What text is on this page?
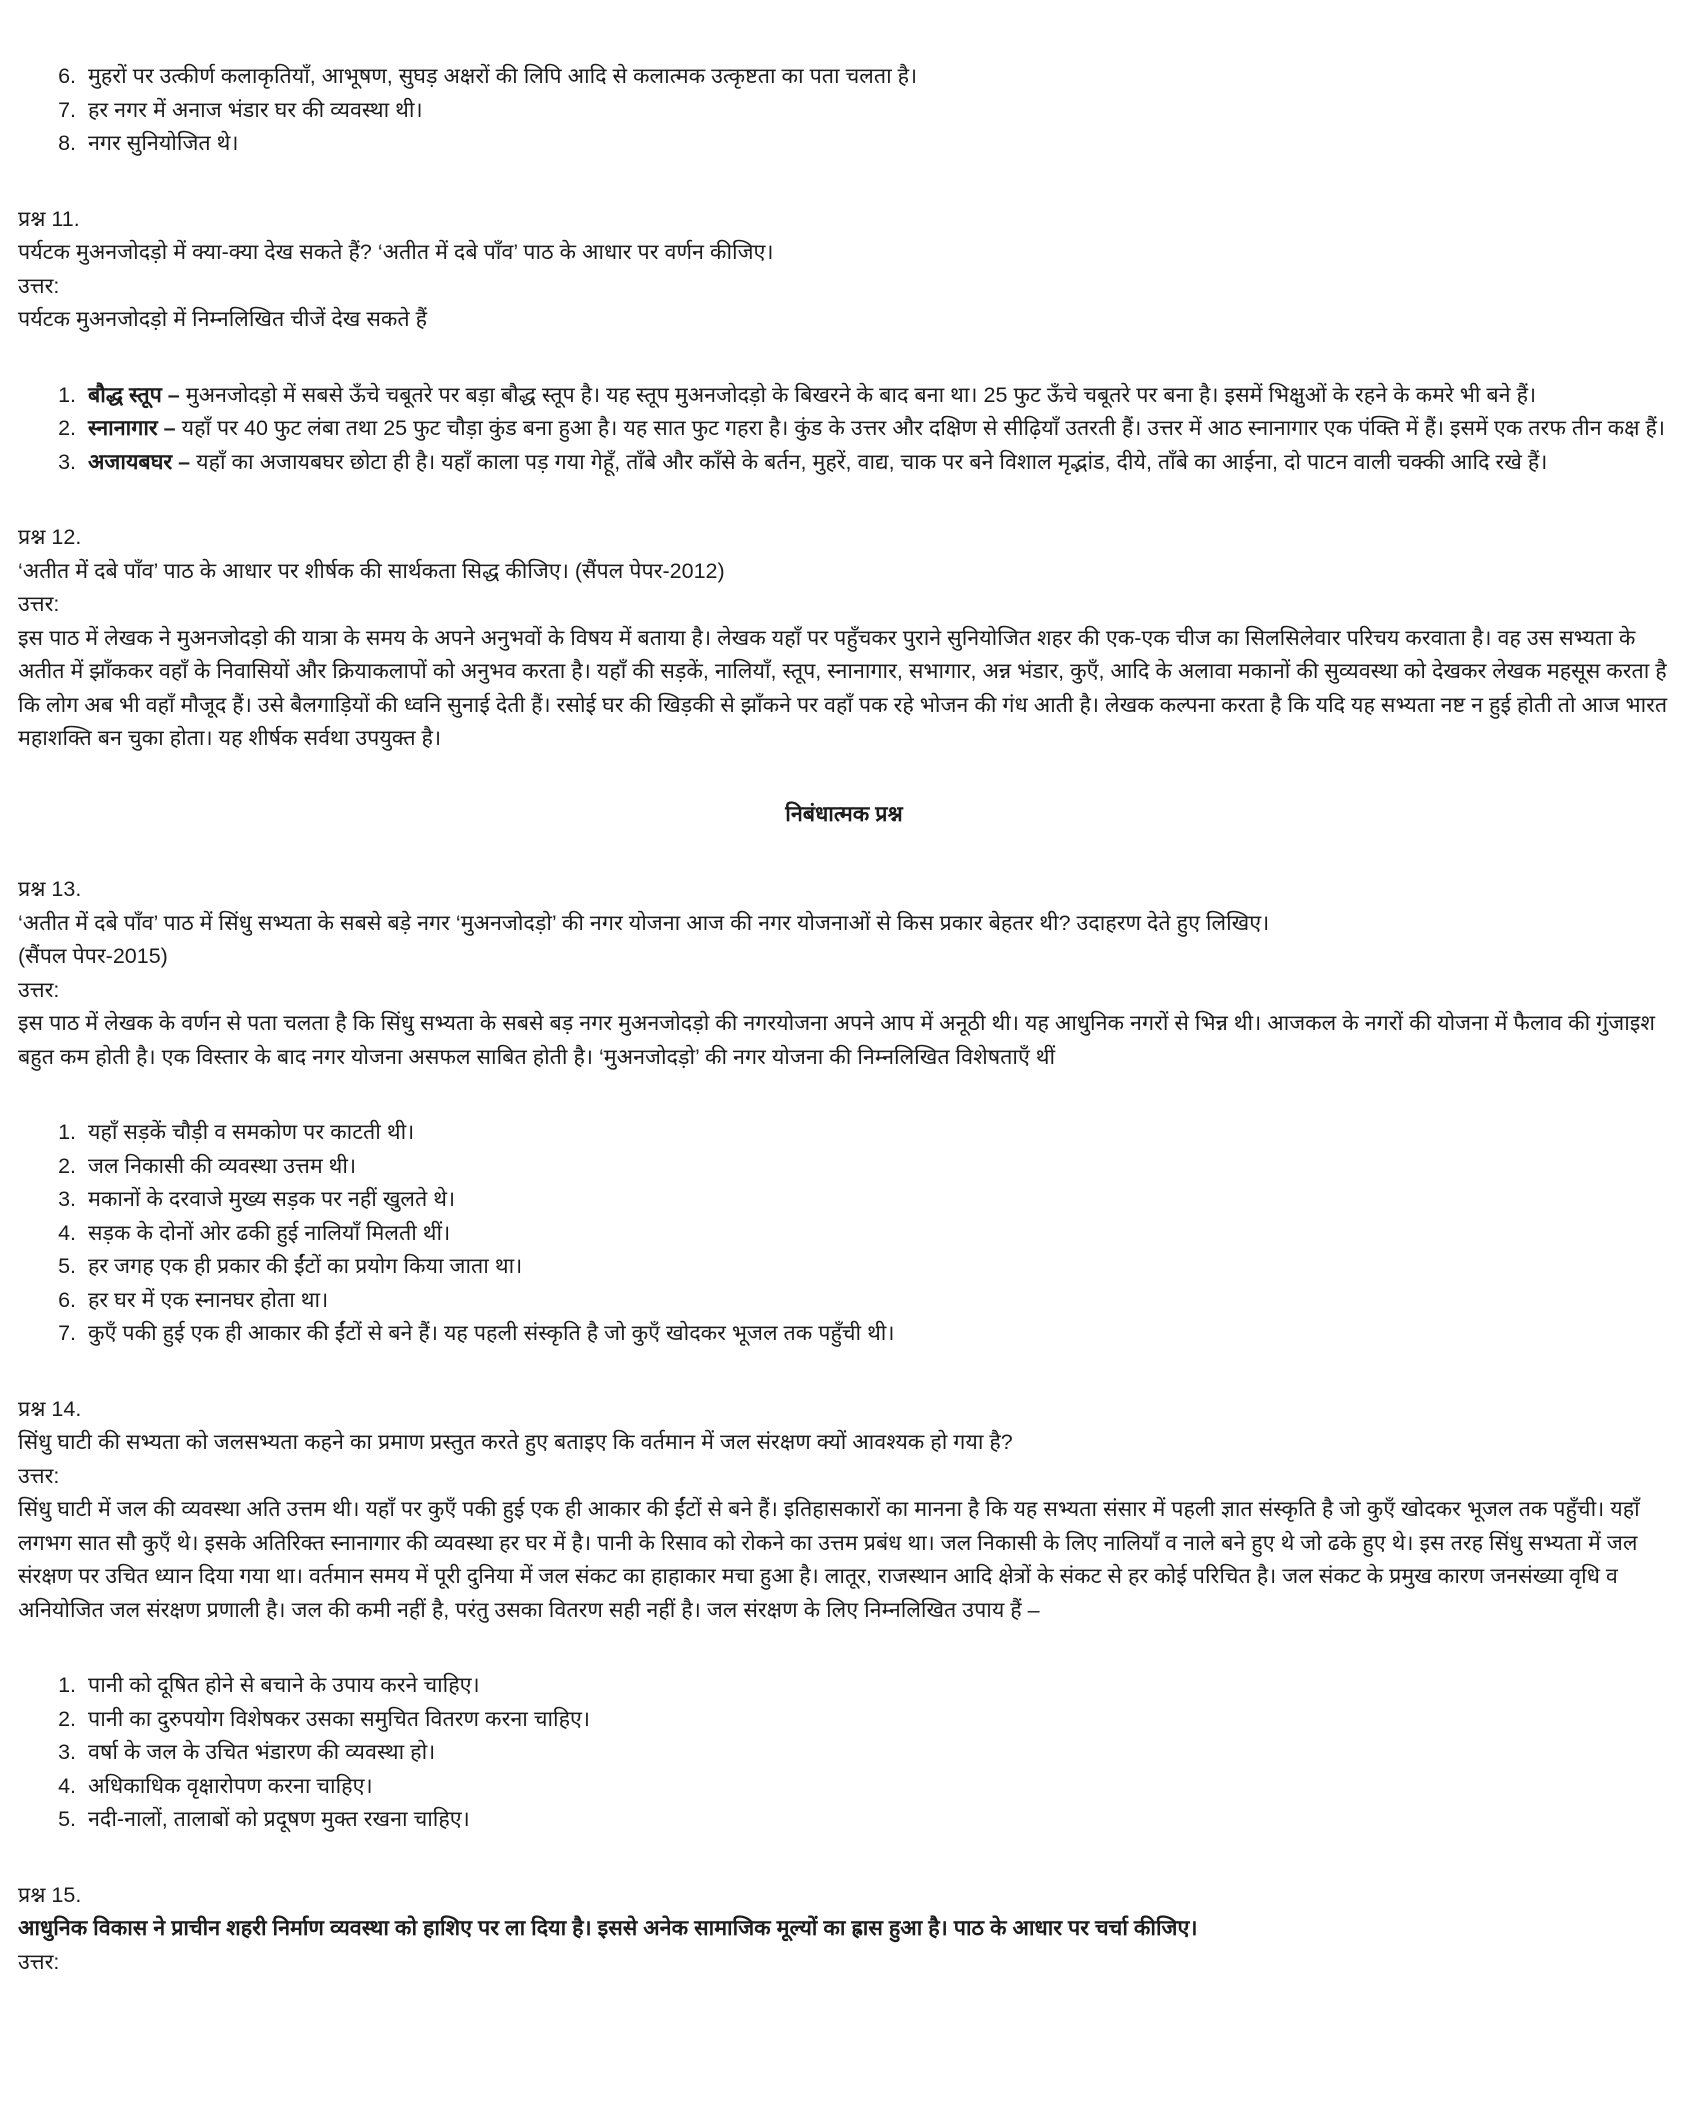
6. मुहरों पर उत्कीर्ण कलाकृतियाँ, आभूषण, सुघड़ अक्षरों की लिपि आदि से कलात्मक उत्कृष्टता का पता चलता है।
7. हर नगर में अनाज भंडार घर की व्यवस्था थी।
8. नगर सुनियोजित थे।

प्रश्न 11.

पर्यटक मुअनजोदड़ो में क्या-क्या देख सकते हैं? ‘अतीत में दबे पाँव’ पाठ के आधार पर वर्णन कीजिए।

उत्तर:

पर्यटक मुअनजोदड़ो में निम्नलिखित चीजें देख सकते हैं

1. बौद्ध स्तूप – मुअनजोदड़ो में सबसे ऊँचे चबूतरे पर बड़ा बौद्ध स्तूप है। यह स्तूप मुअनजोदड़ो के बिखरने के बाद बना था। 25 फुट ऊँचे चबूतरे पर बना है। इसमें भिक्षुओं के रहने के कमरे भी बने हैं।
2. स्नानागार – यहाँ पर 40 फुट लंबा तथा 25 फुट चौड़ा कुंड बना हुआ है। यह सात फुट गहरा है। कुंड के उत्तर और दक्षिण से सीढ़ियाँ उतरती हैं। उत्तर में आठ स्नानागार एक पंक्ति में हैं। इसमें एक तरफ तीन कक्ष हैं।
3. अजायबघर – यहाँ का अजायबघर छोटा ही है। यहाँ काला पड़ गया गेहूँ, ताँबे और काँसे के बर्तन, मुहरें, वाद्य, चाक पर बने विशाल मृद्भांड, दीये, ताँबे का आईना, दो पाटन वाली चक्की आदि रखे हैं।

प्रश्न 12.

‘अतीत में दबे पाँव’ पाठ के आधार पर शीर्षक की सार्थकता सिद्ध कीजिए। (सैंपल पेपर-2012)

उत्तर:

इस पाठ में लेखक ने मुअनजोदड़ो की यात्रा के समय के अपने अनुभवों के विषय में बताया है। लेखक यहाँ पर पहुँचकर पुराने सुनियोजित शहर की एक-एक चीज का सिलसिलेवार परिचय करवाता है। वह उस सभ्यता के अतीत में झाँककर वहाँ के निवासियों और क्रियाकलापों को अनुभव करता है। यहाँ की सड़कें, नालियाँ, स्तूप, स्नानागार, सभागार, अन्न भंडार, कुएँ, आदि के अलावा मकानों की सुव्यवस्था को देखकर लेखक महसूस करता है कि लोग अब भी वहाँ मौजूद हैं। उसे बैलगाड़ियों की ध्वनि सुनाई देती हैं। रसोई घर की खिड़की से झाँकने पर वहाँ पक रहे भोजन की गंध आती है। लेखक कल्पना करता है कि यदि यह सभ्यता नष्ट न हुई होती तो आज भारत महाशक्ति बन चुका होता। यह शीर्षक सर्वथा उपयुक्त है।

निबंधात्मक प्रश्न

प्रश्न 13.

‘अतीत में दबे पाँव’ पाठ में सिंधु सभ्यता के सबसे बड़े नगर ‘मुअनजोदड़ो’ की नगर योजना आज की नगर योजनाओं से किस प्रकार बेहतर थी? उदाहरण देते हुए लिखिए।

(सैंपल पेपर-2015)

उत्तर:

इस पाठ में लेखक के वर्णन से पता चलता है कि सिंधु सभ्यता के सबसे बड़ नगर मुअनजोदड़ो की नगरयोजना अपने आप में अनूठी थी। यह आधुनिक नगरों से भिन्न थी। आजकल के नगरों की योजना में फैलाव की गुंजाइश बहुत कम होती है। एक विस्तार के बाद नगर योजना असफल साबित होती है। ‘मुअनजोदड़ो’ की नगर योजना की निम्नलिखित विशेषताएँ थीं

1. यहाँ सड़कें चौड़ी व समकोण पर काटती थी।
2. जल निकासी की व्यवस्था उत्तम थी।
3. मकानों के दरवाजे मुख्य सड़क पर नहीं खुलते थे।
4. सड़क के दोनों ओर ढकी हुई नालियाँ मिलती थीं।
5. हर जगह एक ही प्रकार की ईंटों का प्रयोग किया जाता था।
6. हर घर में एक स्नानघर होता था।
7. कुएँ पकी हुई एक ही आकार की ईंटों से बने हैं। यह पहली संस्कृति है जो कुएँ खोदकर भूजल तक पहुँची थी।

प्रश्न 14.

सिंधु घाटी की सभ्यता को जलसभ्यता कहने का प्रमाण प्रस्तुत करते हुए बताइए कि वर्तमान में जल संरक्षण क्यों आवश्यक हो गया है?

उत्तर:

सिंधु घाटी में जल की व्यवस्था अति उत्तम थी। यहाँ पर कुएँ पकी हुई एक ही आकार की ईंटों से बने हैं। इतिहासकारों का मानना है कि यह सभ्यता संसार में पहली ज्ञात संस्कृति है जो कुएँ खोदकर भूजल तक पहुँची। यहाँ लगभग सात सौ कुएँ थे। इसके अतिरिक्त स्नानागार की व्यवस्था हर घर में है। पानी के रिसाव को रोकने का उत्तम प्रबंध था। जल निकासी के लिए नालियाँ व नाले बने हुए थे जो ढके हुए थे। इस तरह सिंधु सभ्यता में जल संरक्षण पर उचित ध्यान दिया गया था। वर्तमान समय में पूरी दुनिया में जल संकट का हाहाकार मचा हुआ है। लातूर, राजस्थान आदि क्षेत्रों के संकट से हर कोई परिचित है। जल संकट के प्रमुख कारण जनसंख्या वृधि व अनियोजित जल संरक्षण प्रणाली है। जल की कमी नहीं है, परंतु उसका वितरण सही नहीं है। जल संरक्षण के लिए निम्नलिखित उपाय हैं –

1. पानी को दूषित होने से बचाने के उपाय करने चाहिए।
2. पानी का दुरुपयोग विशेषकर उसका समुचित वितरण करना चाहिए।
3. वर्षा के जल के उचित भंडारण की व्यवस्था हो।
4. अधिकाधिक वृक्षारोपण करना चाहिए।
5. नदी-नालों, तालाबों को प्रदूषण मुक्त रखना चाहिए।

प्रश्न 15.

आधुनिक विकास ने प्राचीन शहरी निर्माण व्यवस्था को हाशिए पर ला दिया है। इससे अनेक सामाजिक मूल्यों का ह्रास हुआ है। पाठ के आधार पर चर्चा कीजिए।

उत्तर:
